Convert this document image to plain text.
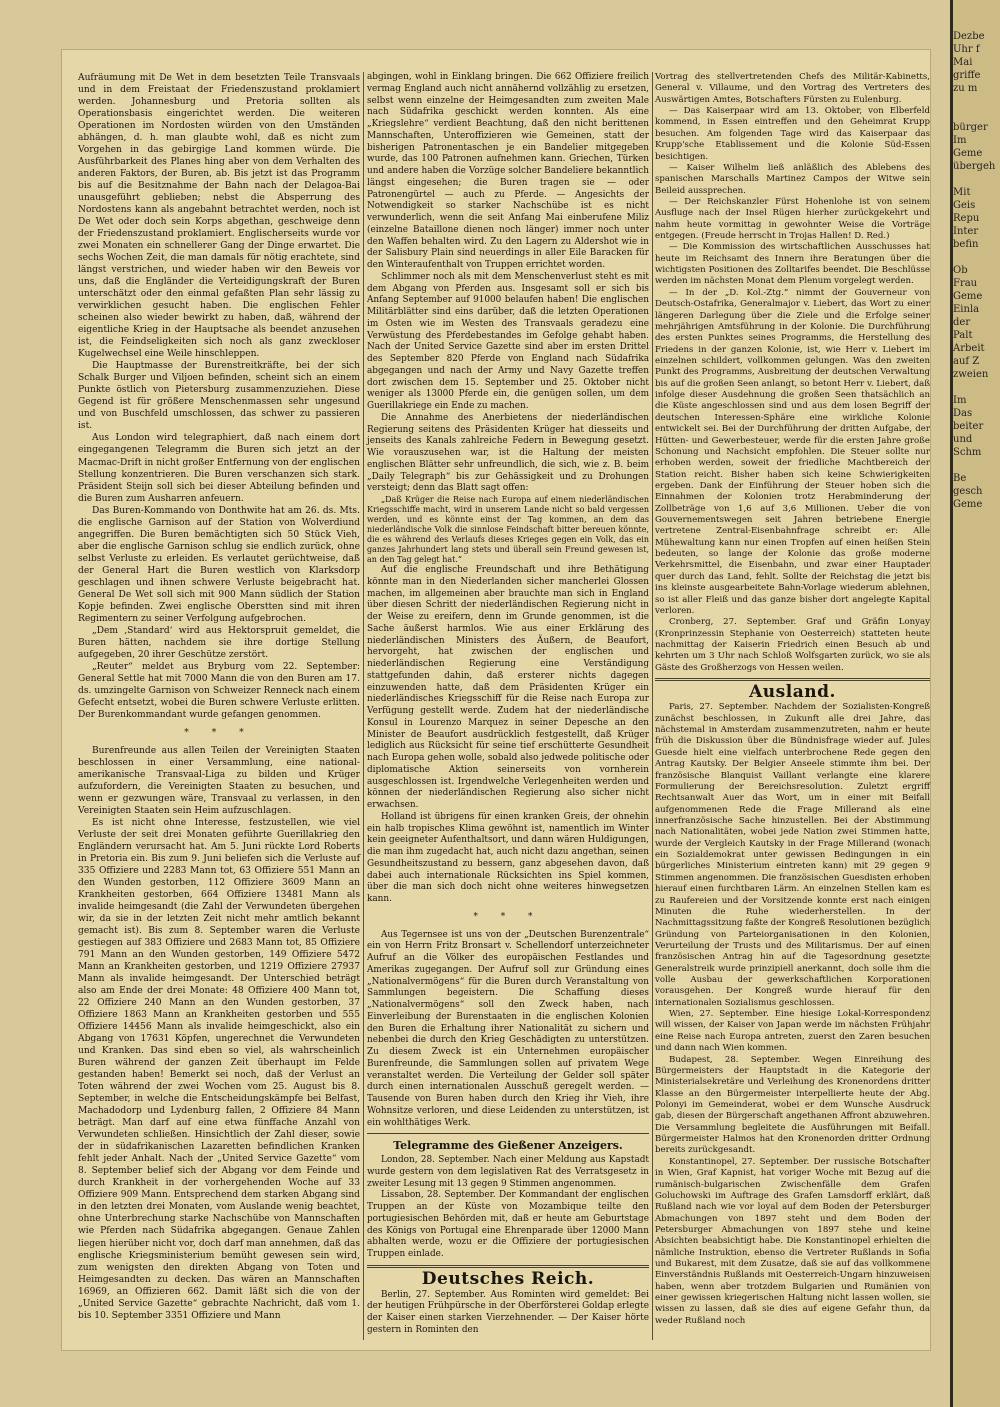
Aufräumung mit De Wet in dem besetzten Teile Transvaals und in dem Freistaat der Friedenszustand proklamiert werden. Johannesburg und Pretoria sollten als Operationsbasis eingerichtet werden. Die weiteren Operationen im Nordosten würden von den Umständen abhängen, d. h. man glaubte wohl, daß es nicht zum Vorgehen in das gebirgige Land kommen würde. Die Ausführbarkeit des Planes hing aber von dem Verhalten des anderen Faktors, der Buren, ab. Bis jetzt ist das Programm bis auf die Besitznahme der Bahn nach der Delagoa-Bai unausgeführt geblieben; nebst die Absperrung des Nordostens kann als angebahnt betrachtet werden, noch ist De Wet oder doch sein Korps abgethan, geschweige denn der Friedenszustand proklamiert. Englischerseits wurde vor zwei Monaten ein schnellerer Gang der Dinge erwartet. Die sechs Wochen Zeit, die man damals für nötig erachtete, sind längst verstrichen, und wieder haben wir den Beweis vor uns, daß die Engländer die Verteidigungskraft der Buren unterschätzt oder den einmal gefaßten Plan sehr lässig zu verwirklichen gesucht haben. Die englischen Fehler scheinen also wieder bewirkt zu haben, daß, während der eigentliche Krieg in der Hauptsache als beendet anzusehen ist, die Feindseligkeiten sich noch als ganz zweckloser Kugelwechsel eine Weile hinschleppen.

Die Hauptmasse der Burenstreitkräfte, bei der sich Schalk Burger und Viljoen befinden, scheint sich an einem Punkte östlich von Pietersburg zusammenzuziehen. Diese Gegend ist für größere Menschenmassen sehr ungesund und von Buschfeld umschlossen, das schwer zu passieren ist.

Aus London wird telegraphiert, daß nach einem dort eingegangenen Telegramm die Buren sich jetzt an der Macmac-Drift in nicht großer Entfernung von der englischen Stellung konzentrieren. Die Buren verschanzen sich stark. Präsident Steijn soll sich bei dieser Abteilung befinden und die Buren zum Ausharren anfeuern.

Das Buren-Kommando von Donthwite hat am 26. ds. Mts. die englische Garnison auf der Station von Wolverdiund angegriffen. Die Buren bemächtigten sich 50 Stück Vieh, aber die englische Garnison schlug sie endlich zurück, ohne selbst Verluste zu erleiden. Es verlautet gerüchtweise, daß der General Hart die Buren westlich von Klarksdorp geschlagen und ihnen schwere Verluste beigebracht hat. General De Wet soll sich mit 900 Mann südlich der Station Kopje befinden. Zwei englische Oberstten sind mit ihren Regimentern zu seiner Verfolgung aufgebrochen.

„Dem ‚Standard‘ wird aus Hektorspruit gemeldet, die Buren hätten, nachdem sie ihre dortige Stellung aufgegeben, 20 ihrer Geschütze zerstört.

„Reuter“ meldet aus Bryburg vom 22. September: General Settle hat mit 7000 Mann die von den Buren am 17. ds. umzingelte Garnison von Schweizer Renneck nach einem Gefecht entsetzt, wobei die Buren schwere Verluste erlitten. Der Burenkommandant wurde gefangen genommen.

* * *

Burenfreunde aus allen Teilen der Vereinigten Staaten beschlossen in einer Versammlung, eine national-amerikanische Transvaal-Liga zu bilden und Krüger aufzufordern, die Vereinigten Staaten zu besuchen, und wenn er gezwungen wäre, Transvaal zu verlassen, in den Vereinigten Staaten sein Heim aufzuschlagen.

Es ist nicht ohne Interesse, festzustellen, wie viel Verluste der seit drei Monaten geführte Guerillakrieg den Engländern verursacht hat. Am 5. Juni rückte Lord Roberts in Pretoria ein. Bis zum 9. Juni beliefen sich die Verluste auf 335 Offiziere und 2283 Mann tot, 63 Offiziere 551 Mann an den Wunden gestorben, 112 Offiziere 3609 Mann an Krankheiten gestorben, 664 Offiziere 13481 Mann als invalide heimgesandt (die Zahl der Verwundeten übergehen wir, da sie in der letzten Zeit nicht mehr amtlich bekannt gemacht ist). Bis zum 8. September waren die Verluste gestiegen auf 383 Offiziere und 2683 Mann tot, 85 Offiziere 791 Mann an den Wunden gestorben, 149 Offiziere 5472 Mann an Krankheiten gestorben, und 1219 Offiziere 27937 Mann als invalide heimgesandt. Der Unterschied beträgt also am Ende der drei Monate: 48 Offiziere 400 Mann tot, 22 Offiziere 240 Mann an den Wunden gestorben, 37 Offiziere 1863 Mann an Krankheiten gestorben und 555 Offiziere 14456 Mann als invalide heimgeschickt, also ein Abgang von 17631 Köpfen, ungerechnet die Verwundeten und Kranken. Das sind eben so viel, als wahrscheinlich Buren während der ganzen Zeit überhaupt im Felde gestanden haben! Bemerkt sei noch, daß der Verlust an Toten während der zwei Wochen vom 25. August bis 8. September, in welche die Entscheidungskämpfe bei Belfast, Machadodorp und Lydenburg fallen, 2 Offiziere 84 Mann beträgt. Man darf auf eine etwa fünffache Anzahl von Verwundeten schließen. Hinsichtlich der Zahl dieser, sowie der in südafrikanischen Lazaretten befindlichen Kranken fehlt jeder Anhalt. Nach der „United Service Gazette“ vom 8. September belief sich der Abgang vor dem Feinde und durch Krankheit in der vorhergehenden Woche auf 33 Offiziere 909 Mann. Entsprechend dem starken Abgang sind in den letzten drei Monaten, vom Auslande wenig beachtet, ohne Unterbrechung starke Nachschübe von Mannschaften wie Pferden nach Südafrika abgegangen. Genaue Zahlen liegen hierüber nicht vor, doch darf man annehmen, daß das englische Kriegsministerium bemüht gewesen sein wird, zum wenigsten den direkten Abgang von Toten und Heimgesandten zu decken. Das wären an Mannschaften 16969, an Offizieren 662. Damit läßt sich die von der „United Service Gazette“ gebrachte Nachricht, daß vom 1. bis 10. September 3351 Offiziere und Mann

abgingen, wohl in Einklang bringen. Die 662 Offiziere freilich vermag England auch nicht annähernd vollzählig zu ersetzen, selbst wenn einzelne der Heimgesandten zum zweiten Male nach Südafrika geschickt werden konnten. Als eine „Kriegslehre“ verdient Beachtung, daß den nicht berittenen Mannschaften, Unteroffizieren wie Gemeinen, statt der bisherigen Patronentaschen je ein Bandelier mitgegeben wurde, das 100 Patronen aufnehmen kann. Griechen, Türken und andere haben die Vorzüge solcher Bandeliere bekanntlich längst eingesehen; die Buren tragen sie — oder Patronengürtel — auch zu Pferde. — Angesichts der Notwendigkeit so starker Nachschübe ist es nicht verwunderlich, wenn die seit Anfang Mai einberufene Miliz (einzelne Bataillone dienen noch länger) immer noch unter den Waffen behalten wird. Zu den Lagern zu Aldershot wie in der Salisbury Plain sind neuerdings in aller Eile Baracken für den Winteraufenthalt von Truppen errichtet worden.

Schlimmer noch als mit dem Menschenverlust steht es mit dem Abgang von Pferden aus. Insgesamt soll er sich bis Anfang September auf 91000 belaufen haben! Die englischen Militärblätter sind eins darüber, daß die letzten Operationen im Osten wie im Westen des Transvaals geradezu eine Verwüstung des Pferdebestandes im Gefolge gehabt haben. Nach der United Service Gazette sind aber im ersten Drittel des September 820 Pferde von England nach Südafrika abgegangen und nach der Army und Navy Gazette treffen dort zwischen dem 15. September und 25. Oktober nicht weniger als 13000 Pferde ein, die genügen sollen, um dem Guerillakriege ein Ende zu machen.

Die Annahme des Anerbietens der niederländischen Regierung seitens des Präsidenten Krüger hat diesseits und jenseits des Kanals zahlreiche Federn in Bewegung gesetzt. Wie vorauszusehen war, ist die Haltung der meisten englischen Blätter sehr unfreundlich, die sich, wie z. B. beim „Daily Telegraph“ bis zur Gehässigkeit und zu Drohungen versteigt; denn das Blatt sagt offen:

„Daß Krüger die Reise nach Europa auf einem niederländischen Kriegsschiffe macht, wird in unserem Lande nicht so bald vergessen werden, und es könnte einst der Tag kommen, an dem das niederländische Volk die sinnlose Feindschaft bitter bereuen könnte, die es während des Verlaufs dieses Krieges gegen ein Volk, das ein ganzes Jahrhundert lang stets und überall sein Freund gewesen ist, an den Tag gelegt hat.“

Auf die englische Freundschaft und ihre Bethätigung könnte man in den Niederlanden sicher mancherlei Glossen machen, im allgemeinen aber brauchte man sich in England über diesen Schritt der niederländischen Regierung nicht in der Weise zu ereifern, denn im Grunde genommen, ist die Sache äußerst harmlos. Wie aus einer Erklärung des niederländischen Ministers des Äußern, de Beaufort, hervorgeht, hat zwischen der englischen und niederländischen Regierung eine Verständigung stattgefunden dahin, daß ersterer nichts dagegen einzuwenden hatte, daß dem Präsidenten Krüger ein niederländisches Kriegsschiff für die Reise nach Europa zur Verfügung gestellt werde. Zudem hat der niederländische Konsul in Lourenzo Marquez in seiner Depesche an den Minister de Beaufort ausdrücklich festgestellt, daß Krüger lediglich aus Rücksicht für seine tief erschütterte Gesundheit nach Europa gehen wolle, sobald also jedwede politische oder diplomatische Aktion seinerseits von vornherein ausgeschlossen ist. Irgendwelche Verlegenheiten werden und können der niederländischen Regierung also sicher nicht erwachsen.

Holland ist übrigens für einen kranken Greis, der ohnehin ein halb tropisches Klima gewöhnt ist, namentlich im Winter kein geeigneter Aufenthaltsort, und dann wären Huldigungen, die man ihm zugedacht hat, auch nicht dazu angethan, seinen Gesundheitszustand zu bessern, ganz abgesehen davon, daß dabei auch internationale Rücksichten ins Spiel kommen, über die man sich doch nicht ohne weiteres hinwegsetzen kann.

* * *

Aus Tegernsee ist uns von der „Deutschen Burenzentrale“ ein von Herrn Fritz Bronsart v. Schellendorf unterzeichneter Aufruf an die Völker des europäischen Festlandes und Amerikas zugegangen. Der Aufruf soll zur Gründung eines „Nationalvermögens“ für die Buren durch Veranstaltung von Sammlungen begeistern. Die Schaffung dieses „Nationalvermögens“ soll den Zweck haben, nach Einverleibung der Burenstaaten in die englischen Kolonien den Buren die Erhaltung ihrer Nationalität zu sichern und nebenbei die durch den Krieg Geschädigten zu unterstützen. Zu diesem Zweck ist ein Unternehmen europäischer Burenfreunde, die Sammlungen sollen auf privatem Wege veranstaltet werden. Die Verteilung der Gelder soll später durch einen internationalen Ausschuß geregelt werden. — Tausende von Buren haben durch den Krieg ihr Vieh, ihre Wohnsitze verloren, und diese Leidenden zu unterstützen, ist ein wohlthätiges Werk.

Telegramme des Gießener Anzeigers.

London, 28. September. Nach einer Meldung aus Kapstadt wurde gestern von dem legislativen Rat des Verratsgesetz in zweiter Lesung mit 13 gegen 9 Stimmen angenommen.

Lissabon, 28. September. Der Kommandant der englischen Truppen an der Küste von Mozambique teilte den portugiesischen Behörden mit, daß er heute am Geburtstage des Königs von Portugal eine Ehrenparade über 12000 Mann abhalten werde, wozu er die Offiziere der portugiesischen Truppen einlade.

Deutsches Reich.

Berlin, 27. September. Aus Rominten wird gemeldet: Bei der heutigen Frühpürsche in der Oberförsterei Goldap erlegte der Kaiser einen starken Vierzehnender. — Der Kaiser hörte gestern in Rominten den

Vortrag des stellvertretenden Chefs des Militär-Kabinetts, General v. Villaume, und den Vortrag des Vertreters des Auswärtigen Amtes, Botschafters Fürsten zu Eulenburg.

— Das Kaiserpaar wird am 13. Oktober, von Elberfeld kommend, in Essen eintreffen und den Geheimrat Krupp besuchen. Am folgenden Tage wird das Kaiserpaar das Krupp'sche Etablissement und die Kolonie Süd-Essen besichtigen.

— Kaiser Wilhelm ließ anläßlich des Ablebens des spanischen Marschalls Martinez Campos der Witwe sein Beileid aussprechen.

— Der Reichskanzler Fürst Hohenlohe ist von seinem Ausfluge nach der Insel Rügen hierher zurückgekehrt und nahm heute vormittag in gewohnter Weise die Vorträge entgegen. (Freude herrscht in Trojas Hallen! D. Red.)

— Die Kommission des wirtschaftlichen Ausschusses hat heute im Reichsamt des Innern ihre Beratungen über die wichtigsten Positionen des Zolltarifes beendet. Die Beschlüsse werden im nächsten Monat dem Plenum vorgelegt werden.

— In der „D. Kol.-Ztg.“ nimmt der Gouverneur von Deutsch-Ostafrika, Generalmajor v. Liebert, das Wort zu einer längeren Darlegung über die Ziele und die Erfolge seiner mehrjährigen Amtsführung in der Kolonie. Die Durchführung des ersten Punktes seines Programms, die Herstellung des Friedens in der ganzen Kolonie, ist, wie Herr v. Liebert im einzelnen schildert, vollkommen gelungen. Was den zweiten Punkt des Programms, Ausbreitung der deutschen Verwaltung bis auf die großen Seen anlangt, so betont Herr v. Liebert, daß infolge dieser Ausdehnung die großen Seen thatsächlich an die Küste angeschlossen sind und aus dem losen Begriff der deutschen Interessen-Sphäre eine wirkliche Kolonie entwickelt sei. Bei der Durchführung der dritten Aufgabe, der Hütten- und Gewerbesteuer, werde für die ersten Jahre große Schonung und Nachsicht empfohlen. Die Steuer sollte nur erhoben werden, soweit der friedliche Machtbereich der Station reicht. Bisher haben sich keine Schwierigkeiten ergeben. Dank der Einführung der Steuer hoben sich die Einnahmen der Kolonien trotz Herabminderung der Zollbeträge von 1,6 auf 3,6 Millionen. Ueber die von Gouvernementswegen seit Jahren betriebene Energie vertretene Zentral-Eisenbahnfrage schreibt er: Alle Mühewaltung kann nur einen Tropfen auf einen heißen Stein bedeuten, so lange der Kolonie das große moderne Verkehrsmittel, die Eisenbahn, und zwar einer Hauptader quer durch das Land, fehlt. Sollte der Reichstag die jetzt bis ins kleinste ausgearbeitete Bahn-Vorlage wiederum ablehnen, so ist aller Fleiß und das ganze bisher dort angelegte Kapital verloren.

Cronberg, 27. September. Graf und Gräfin Lonyay (Kronprinzessin Stephanie von Oesterreich) statteten heute nachmittag der Kaiserin Friedrich einen Besuch ab und kehrten um 3 Uhr nach Schloß Wolfsgarten zurück, wo sie als Gäste des Großherzogs von Hessen weilen.

Ausland.

Paris, 27. September. Nachdem der Sozialisten-Kongreß zunächst beschlossen, in Zukunft alle drei Jahre, das nächstemal in Amsterdam zusammenzutreten, nahm er heute früh die Diskussion über die Bündnisfrage wieder auf. Jules Guesde hielt eine vielfach unterbrochene Rede gegen den Antrag Kautsky. Der Belgier Anseele stimmte ihm bei. Der französische Blanquist Vaillant verlangte eine klarere Formulierung der Bereichsresolution. Zuletzt ergriff Rechtsanwalt Auer das Wort, um in einer mit Beifall aufgenommenen Rede die Frage Millerand als eine innerfranzösische Sache hinzustellen. Bei der Abstimmung nach Nationalitäten, wobei jede Nation zwei Stimmen hatte, wurde der Vergleich Kautsky in der Frage Millerand (wonach ein Sozialdemokrat unter gewissen Bedingungen in ein bürgerliches Ministerium eintreten kann) mit 29 gegen 9 Stimmen angenommen. Die französischen Guesdisten erhoben hierauf einen furchtbaren Lärm. An einzelnen Stellen kam es zu Raufereien und der Vorsitzende konnte erst nach einigen Minuten die Ruhe wiederherstellen. In der Nachmittagssitzung faßte der Kongreß Resolutionen bezüglich Gründung von Parteiorganisationen in den Kolonien, Verurteilung der Trusts und des Militarismus. Der auf einen französischen Antrag hin auf die Tagesordnung gesetzte Generalstreik wurde prinzipiell anerkannt, doch solle ihm die volle Ausbau der gewerkschaftlichen Korporationen vorausgehen. Der Kongreß wurde hierauf für den internationalen Sozialismus geschlossen.

Wien, 27. September. Eine hiesige Lokal-Korrespondenz will wissen, der Kaiser von Japan werde im nächsten Frühjahr eine Reise nach Europa antreten, zuerst den Zaren besuchen und dann nach Wien kommen.

Budapest, 28. September. Wegen Einreihung des Bürgermeisters der Hauptstadt in die Kategorie der Ministerialsekretäre und Verleihung des Kronenordens dritter Klasse an den Bürgermeister interpellierte heute der Abg. Polonyi im Gemeinderat, wobei er dem Wunsche Ausdruck gab, diesen der Bürgerschaft angethanen Affront abzuwehren. Die Versammlung begleitete die Ausführungen mit Beifall. Bürgermeister Halmos hat den Kronenorden dritter Ordnung bereits zurückgesandt.

Konstantinopel, 27. September. Der russische Botschafter in Wien, Graf Kapnist, hat voriger Woche mit Bezug auf die rumänisch-bulgarischen Zwischenfälle dem Grafen Goluchowski im Auftrage des Grafen Lamsdorff erklärt, daß Rußland nach wie vor loyal auf dem Boden der Petersburger Abmachungen von 1897 steht und dem Boden der Petersburger Abmachungen von 1897 stehe und keine Absichten beabsichtigt habe. Die Konstantinopel erhielten die nämliche Instruktion, ebenso die Vertreter Rußlands in Sofia und Bukarest, mit dem Zusatze, daß sie auf das vollkommene Einverständnis Rußlands mit Oesterreich-Ungarn hinzuweisen haben, wenn aber trotzdem Bulgarien und Rumänien von einer gewissen kriegerischen Haltung nicht lassen wollen, sie wissen zu lassen, daß sie dies auf eigene Gefahr thun, da weder Rußland noch

Dezbe
Uhr f
Mai
griffe
zu m

bürger
Im
Geme
übergeh

Mit
Geis
Repu
Inter
befin

Ob
Frau
Geme
Einla
der
Palt
Arbeit
auf Z
zweien

Im
Das
beiter
und
Schm

Be
gesch
Geme
